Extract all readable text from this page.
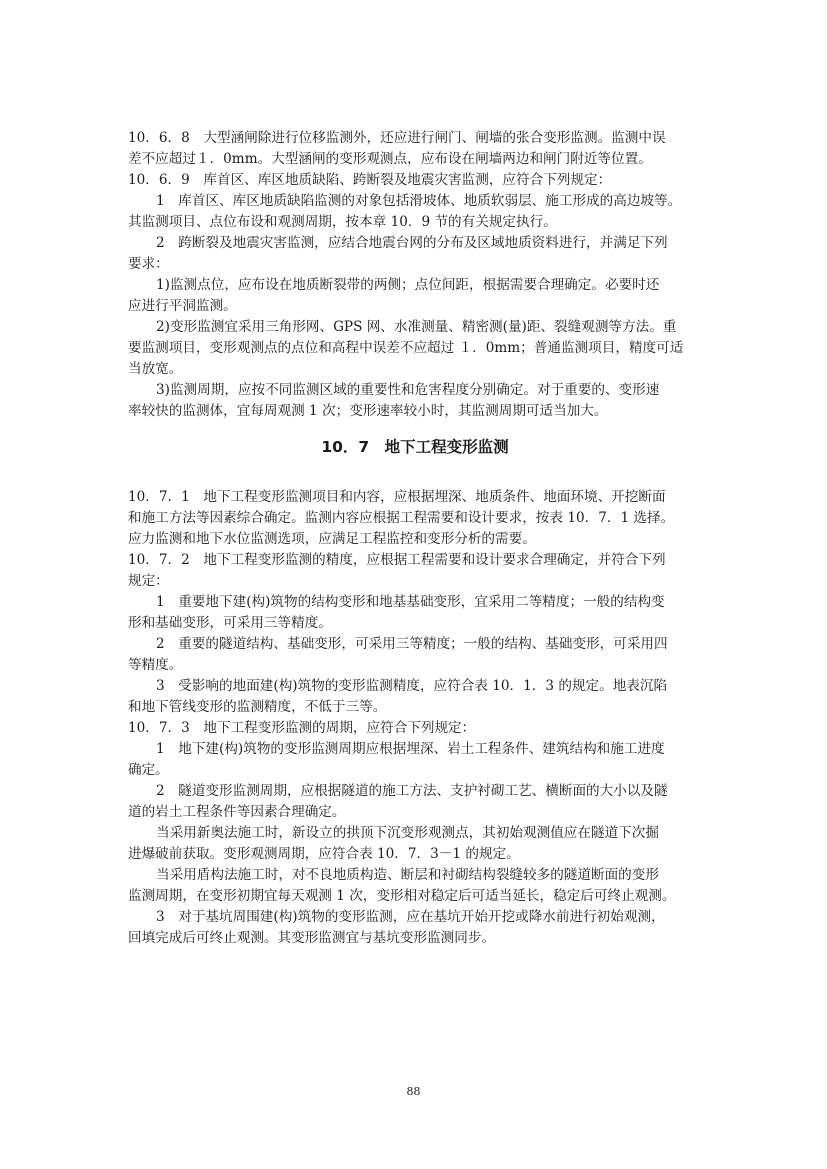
10．6．8　大型涵闸除进行位移监测外，还应进行闸门、闸墙的张合变形监测。监测中误
差不应超过１．0mm。大型涵闸的变形观测点，应布设在闸墙两边和闸门附近等位置。
10．6．9　库首区、库区地质缺陷、跨断裂及地震灾害监测，应符合下列规定：
1　库首区、库区地质缺陷监测的对象包括滑坡体、地质软弱层、施工形成的高边坡等。
其监测项目、点位布设和观测周期，按本章 10．9 节的有关规定执行。
2　跨断裂及地震灾害监测，应结合地震台网的分布及区域地质资料进行，并满足下列
要求：
1)监测点位，应布设在地质断裂带的两侧；点位间距，根据需要合理确定。必要时还
应进行平洞监测。
2)变形监测宜采用三角形网、GPS 网、水准测量、精密测(量)距、裂缝观测等方法。重
要监测项目，变形观测点的点位和高程中误差不应超过 １．0mm；普通监测项目，精度可适
当放宽。
3)监测周期，应按不同监测区域的重要性和危害程度分别确定。对于重要的、变形速
率较快的监测体，宜每周观测 1 次；变形速率较小时，其监测周期可适当加大。
10．7　地下工程变形监测
10．7．1　地下工程变形监测项目和内容，应根据埋深、地质条件、地面环境、开挖断面
和施工方法等因素综合确定。监测内容应根据工程需要和设计要求，按表 10．7．1 选择。
应力监测和地下水位监测选项，应满足工程监控和变形分析的需要。
10．7．2　地下工程变形监测的精度，应根据工程需要和设计要求合理确定，并符合下列
规定：
1　重要地下建(构)筑物的结构变形和地基基础变形，宜采用二等精度；一般的结构变
形和基础变形，可采用三等精度。
2　重要的隧道结构、基础变形，可采用三等精度；一般的结构、基础变形，可采用四
等精度。
3　受影响的地面建(构)筑物的变形监测精度，应符合表 10．1．3 的规定。地表沉陷
和地下管线变形的监测精度，不低于三等。
10．7．3　地下工程变形监测的周期，应符合下列规定：
1　地下建(构)筑物的变形监测周期应根据埋深、岩土工程条件、建筑结构和施工进度
确定。
2　隧道变形监测周期，应根据隧道的施工方法、支护衬砌工艺、横断面的大小以及隧
道的岩土工程条件等因素合理确定。
当采用新奥法施工时，新设立的拱顶下沉变形观测点，其初始观测值应在隧道下次掘
进爆破前获取。变形观测周期，应符合表 10．7．3－1 的规定。
当采用盾构法施工时，对不良地质构造、断层和衬砌结构裂缝较多的隧道断面的变形
监测周期，在变形初期宜每天观测 1 次，变形相对稳定后可适当延长，稳定后可终止观测。
3　对于基坑周围建(构)筑物的变形监测，应在基坑开始开挖或降水前进行初始观测，
回填完成后可终止观测。其变形监测宜与基坑变形监测同步。
88
